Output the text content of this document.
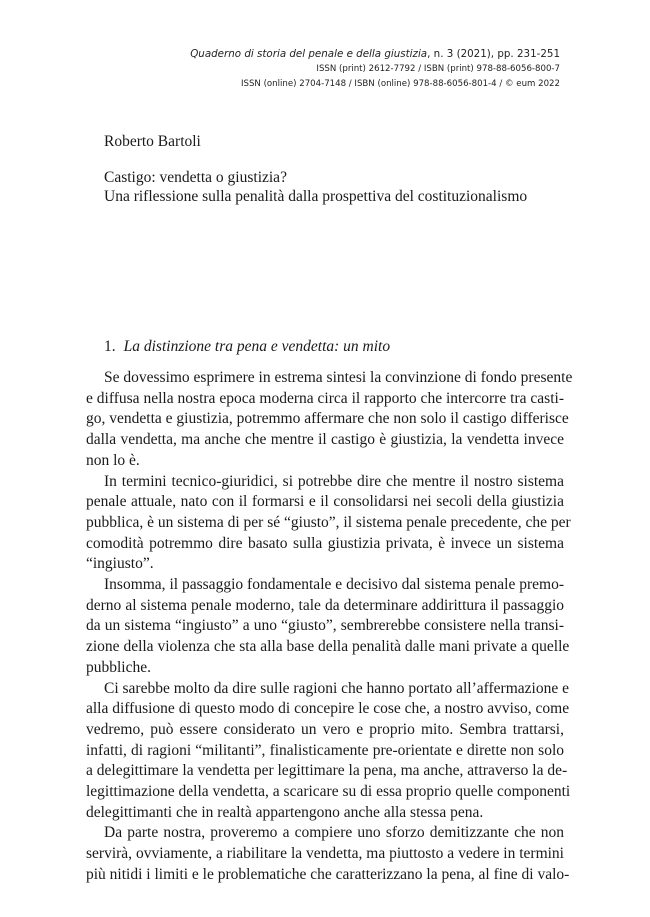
Quaderno di storia del penale e della giustizia, n. 3 (2021), pp. 231-251
ISSN (print) 2612-7792 / ISBN (print) 978-88-6056-800-7
ISSN (online) 2704-7148 / ISBN (online) 978-88-6056-801-4 / © eum 2022
Roberto Bartoli
Castigo: vendetta o giustizia?
Una riflessione sulla penalità dalla prospettiva del costituzionalismo
1. La distinzione tra pena e vendetta: un mito
Se dovessimo esprimere in estrema sintesi la convinzione di fondo presente
e diffusa nella nostra epoca moderna circa il rapporto che intercorre tra casti-
go, vendetta e giustizia, potremmo affermare che non solo il castigo differisce
dalla vendetta, ma anche che mentre il castigo è giustizia, la vendetta invece
non lo è.
In termini tecnico-giuridici, si potrebbe dire che mentre il nostro sistema
penale attuale, nato con il formarsi e il consolidarsi nei secoli della giustizia
pubblica, è un sistema di per sé “giusto”, il sistema penale precedente, che per
comodità potremmo dire basato sulla giustizia privata, è invece un sistema
“ingiusto”.
Insomma, il passaggio fondamentale e decisivo dal sistema penale premo-
derno al sistema penale moderno, tale da determinare addirittura il passaggio
da un sistema “ingiusto” a uno “giusto”, sembrerebbe consistere nella transi-
zione della violenza che sta alla base della penalità dalle mani private a quelle
pubbliche.
Ci sarebbe molto da dire sulle ragioni che hanno portato all’affermazione e
alla diffusione di questo modo di concepire le cose che, a nostro avviso, come
vedremo, può essere considerato un vero e proprio mito. Sembra trattarsi,
infatti, di ragioni “militanti”, finalisticamente pre-orientate e dirette non solo
a delegittimare la vendetta per legittimare la pena, ma anche, attraverso la de-
legittimazione della vendetta, a scaricare su di essa proprio quelle componenti
delegittimanti che in realtà appartengono anche alla stessa pena.
Da parte nostra, proveremo a compiere uno sforzo demitizzante che non
servirà, ovviamente, a riabilitare la vendetta, ma piuttosto a vedere in termini
più nitidi i limiti e le problematiche che caratterizzano la pena, al fine di valo-
